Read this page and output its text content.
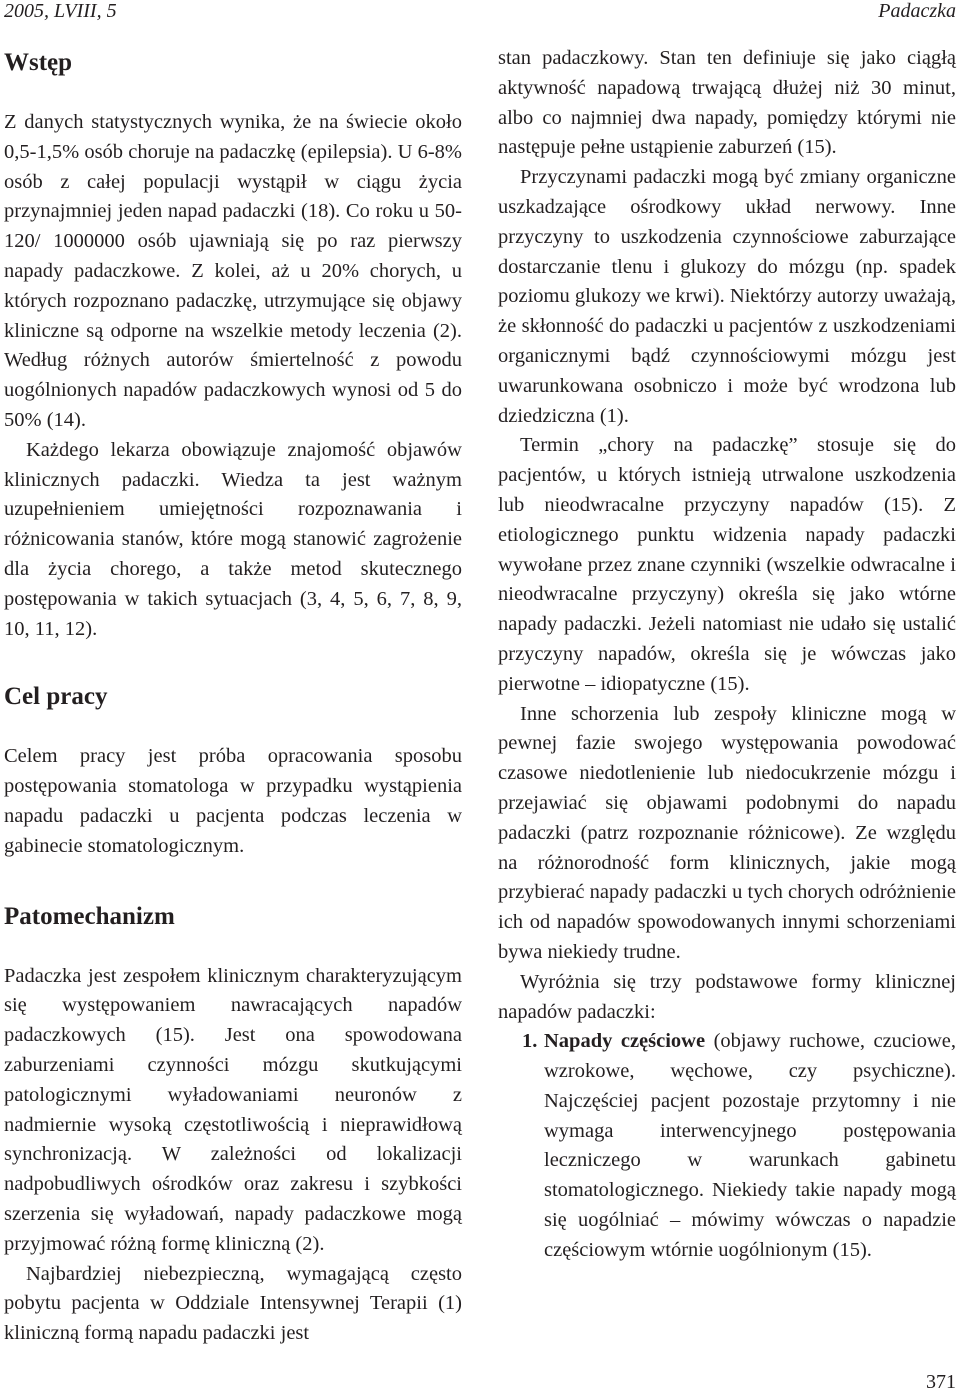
2005, LVIII, 5	Padaczka
Wstęp

Z danych statystycznych wynika, że na świecie około 0,5-1,5% osób choruje na padaczkę (epilepsia). U 6-8% osób z całej populacji wystąpił w ciągu życia przynajmniej jeden napad padaczki (18). Co roku u 50-120/ 1000000 osób ujawniają się po raz pierwszy napady padaczkowe. Z kolei, aż u 20% chorych, u których rozpoznano padaczkę, utrzymujące się objawy kliniczne są odporne na wszelkie metody leczenia (2). Według różnych autorów śmiertelność z powodu uogólnionych napadów padaczkowych wynosi od 5 do 50% (14).

Każdego lekarza obowiązuje znajomość objawów klinicznych padaczki. Wiedza ta jest ważnym uzupełnieniem umiejętności rozpoznawania i różnicowania stanów, które mogą stanowić zagrożenie dla życia chorego, a także metod skutecznego postępowania w takich sytuacjach (3, 4, 5, 6, 7, 8, 9, 10, 11, 12).

Cel pracy

Celem pracy jest próba opracowania sposobu postępowania stomatologa w przypadku wystąpienia napadu padaczki u pacjenta podczas leczenia w gabinecie stomatologicznym.

Patomechanizm

Padaczka jest zespołem klinicznym charakteryzującym się występowaniem nawracających napadów padaczkowych (15). Jest ona spowodowana zaburzeniami czynności mózgu skutkującymi patologicznymi wyładowaniami neuronów z nadmiernie wysoką częstotliwością i nieprawidłową synchronizacją. W zależności od lokalizacji nadpobudliwych ośrodków oraz zakresu i szybkości szerzenia się wyładowań, napady padaczkowe mogą przyjmować różną formę kliniczną (2).

Najbardziej niebezpieczną, wymagającą często pobytu pacjenta w Oddziale Intensywnej Terapii (1) kliniczną formą napadu padaczki jest

stan padaczkowy. Stan ten definiuje się jako ciągłą aktywność napadową trwającą dłużej niż 30 minut, albo co najmniej dwa napady, pomiędzy którymi nie następuje pełne ustąpienie zaburzeń (15).

Przyczynami padaczki mogą być zmiany organiczne uszkadzające ośrodkowy układ nerwowy. Inne przyczyny to uszkodzenia czynnościowe zaburzające dostarczanie tlenu i glukozy do mózgu (np. spadek poziomu glukozy we krwi). Niektórzy autorzy uważają, że skłonność do padaczki u pacjentów z uszkodzeniami organicznymi bądź czynnościowymi mózgu jest uwarunkowana osobniczo i może być wrodzona lub dziedziczna (1).

Termin „chory na padaczkę” stosuje się do pacjentów, u których istnieją utrwalone uszkodzenia lub nieodwracalne przyczyny napadów (15). Z etiologicznego punktu widzenia napady padaczki wywołane przez znane czynniki (wszelkie odwracalne i nieodwracalne przyczyny) określa się jako wtórne napady padaczki. Jeżeli natomiast nie udało się ustalić przyczyny napadów, określa się je wówczas jako pierwotne – idiopatyczne (15).

Inne schorzenia lub zespoły kliniczne mogą w pewnej fazie swojego występowania powodować czasowe niedotlenienie lub niedocukrzenie mózgu i przejawiać się objawami podobnymi do napadu padaczki (patrz rozpoznanie różnicowe). Ze względu na różnorodność form klinicznych, jakie mogą przybierać napady padaczki u tych chorych odróżnienie ich od napadów spowodowanych innymi schorzeniami bywa niekiedy trudne.

Wyróżnia się trzy podstawowe formy klinicznej napadów padaczki:

1. Napady częściowe (objawy ruchowe, czuciowe, wzrokowe, węchowe, czy psychiczne). Najczęściej pacjent pozostaje przytomny i nie wymaga interwencyjnego postępowania leczniczego w warunkach gabinetu stomatologicznego. Niekiedy takie napady mogą się uogólniać – mówimy wówczas o napadzie częściowym wtórnie uogólnionym (15).

371
